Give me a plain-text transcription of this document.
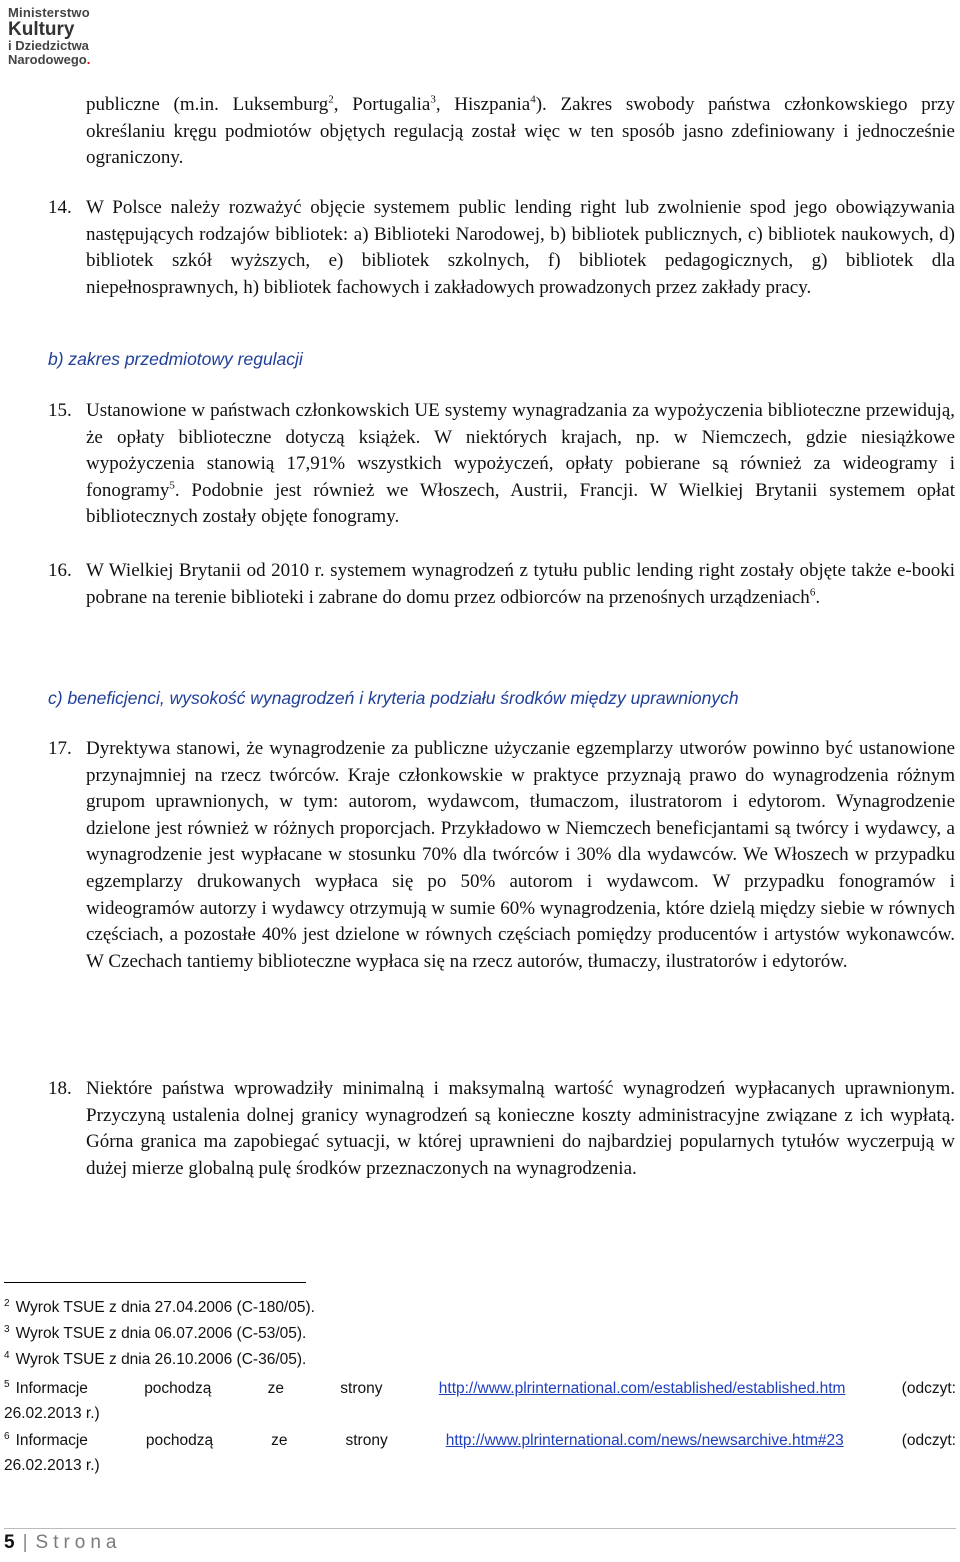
Ministerstwo
Kultury
i Dziedzictwa
Narodowego.

publiczne (m.in. Luksemburg$^2$, Portugalia$^3$, Hiszpania$^4$). Zakres swobody państwa członkowskiego przy określaniu kręgu podmiotów objętych regulacją został więc w ten sposób jasno zdefiniowany i jednocześnie ograniczony.

14. W Polsce należy rozważyć objęcie systemem public lending right lub zwolnienie spod jego obowiązywania następujących rodzajów bibliotek: a) Biblioteki Narodowej, b) bibliotek publicznych, c) bibliotek naukowych, d) bibliotek szkół wyższych, e) bibliotek szkolnych, f) bibliotek pedagogicznych, g) bibliotek dla niepełnosprawnych, h) bibliotek fachowych i zakładowych prowadzonych przez zakłady pracy.

b) zakres przedmiotowy regulacji

15. Ustanowione w państwach członkowskich UE systemy wynagradzania za wypożyczenia biblioteczne przewidują, że opłaty biblioteczne dotyczą książek. W niektórych krajach, np. w Niemczech, gdzie niesiążkowe wypożyczenia stanowią 17,91% wszystkich wypożyczeń, opłaty pobierane są również za wideogramy i fonogramy$^5$. Podobnie jest również we Włoszech, Austrii, Francji. W Wielkiej Brytanii systemem opłat bibliotecznych zostały objęte fonogramy.

16. W Wielkiej Brytanii od 2010 r. systemem wynagrodzeń z tytułu public lending right zostały objęte także e-booki pobrane na terenie biblioteki i zabrane do domu przez odbiorców na przenośnych urządzeniach$^6$.

c) beneficjenci, wysokość wynagrodzeń i kryteria podziału środków między uprawnionych

17. Dyrektywa stanowi, że wynagrodzenie za publiczne użyczanie egzemplarzy utworów powinno być ustanowione przynajmniej na rzecz twórców. Kraje członkowskie w praktyce przyznają prawo do wynagrodzenia różnym grupom uprawnionych, w tym: autorom, wydawcom, tłumaczom, ilustratorom i edytorom. Wynagrodzenie dzielone jest również w różnych proporcjach. Przykładowo w Niemczech beneficjantami są twórcy i wydawcy, a wynagrodzenie jest wypłacane w stosunku 70% dla twórców i 30% dla wydawców. We Włoszech w przypadku egzemplarzy drukowanych wypłaca się po 50% autorom i wydawcom. W przypadku fonogramów i wideogramów autorzy i wydawcy otrzymują w sumie 60% wynagrodzenia, które dzielą między siebie w równych częściach, a pozostałe 40% jest dzielone w równych częściach pomiędzy producentów i artystów wykonawców. W Czechach tantiemy biblioteczne wypłaca się na rzecz autorów, tłumaczy, ilustratorów i edytorów.

18. Niektóre państwa wprowadziły minimalną i maksymalną wartość wynagrodzeń wypłacanych uprawnionym. Przyczyną ustalenia dolnej granicy wynagrodzeń są konieczne koszty administracyjne związane z ich wypłatą. Górna granica ma zapobiegać sytuacji, w której uprawnieni do najbardziej popularnych tytułów wyczerpują w dużej mierze globalną pulę środków przeznaczonych na wynagrodzenia.

$^2$ Wyrok TSUE z dnia 27.04.2006 (C-180/05).

$^3$ Wyrok TSUE z dnia 06.07.2006 (C-53/05).

$^4$ Wyrok TSUE z dnia 26.10.2006 (C-36/05).

$^5$ Informacje	pochodzą	ze	strony	http://www.plrinternational.com/established/established.htm	(odczyt:
26.02.2013 r.)
$^6$ Informacje	pochodzą	ze	strony	http://www.plrinternational.com/news/newsarchive.htm#23	(odczyt:
26.02.2013 r.)
5 | Strona
